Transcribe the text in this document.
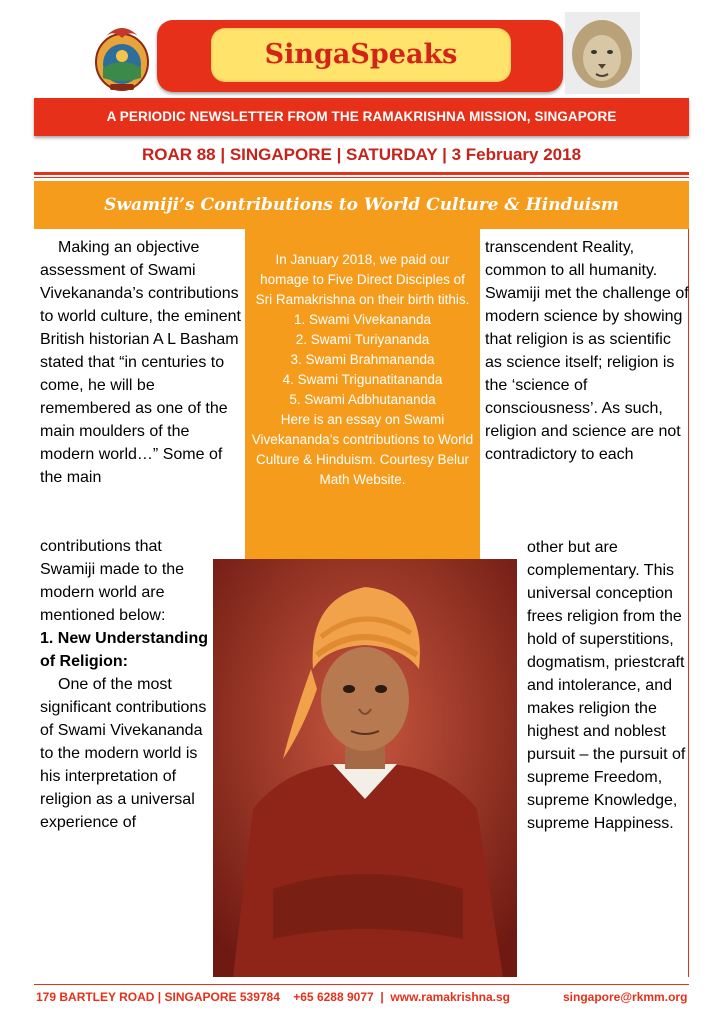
SingaSpeaks
A PERIODIC NEWSLETTER FROM THE RAMAKRISHNA MISSION, SINGAPORE
ROAR 88 | SINGAPORE | SATURDAY | 3 February 2018
Swamiji’s Contributions to World Culture & Hinduism
Making an objective assessment of Swami Vivekananda’s contributions to world culture, the eminent British historian A L Basham stated that “in centuries to come, he will be remembered as one of the main moulders of the modern world…” Some of the main
contributions that Swamiji made to the modern world are mentioned below:
1. New Understanding of Religion:
One of the most significant contributions of Swami Vivekananda to the modern world is his interpretation of religion as a universal experience of
In January 2018, we paid our homage to Five Direct Disciples of Sri Ramakrishna on their birth tithis.
1. Swami Vivekananda
2. Swami Turiyananda
3. Swami Brahmananda
4. Swami Trigunatitananda
5. Swami Adbhutananda
Here is an essay on Swami Vivekananda’s contributions to World Culture & Hinduism. Courtesy Belur Math Website.
transcendent Reality, common to all humanity. Swamiji met the challenge of modern science by showing that religion is as scientific as science itself; religion is the ‘science of consciousness’. As such, religion and science are not contradictory to each
other but are complementary. This universal conception frees religion from the hold of superstitions, dogmatism, priestcraft and intolerance, and makes religion the highest and noblest pursuit – the pursuit of supreme Freedom, supreme Knowledge, supreme Happiness.
179 BARTLEY ROAD | SINGAPORE 539784 +65 6288 9077 | www.ramakrishna.sg	singapore@rkmm.org
